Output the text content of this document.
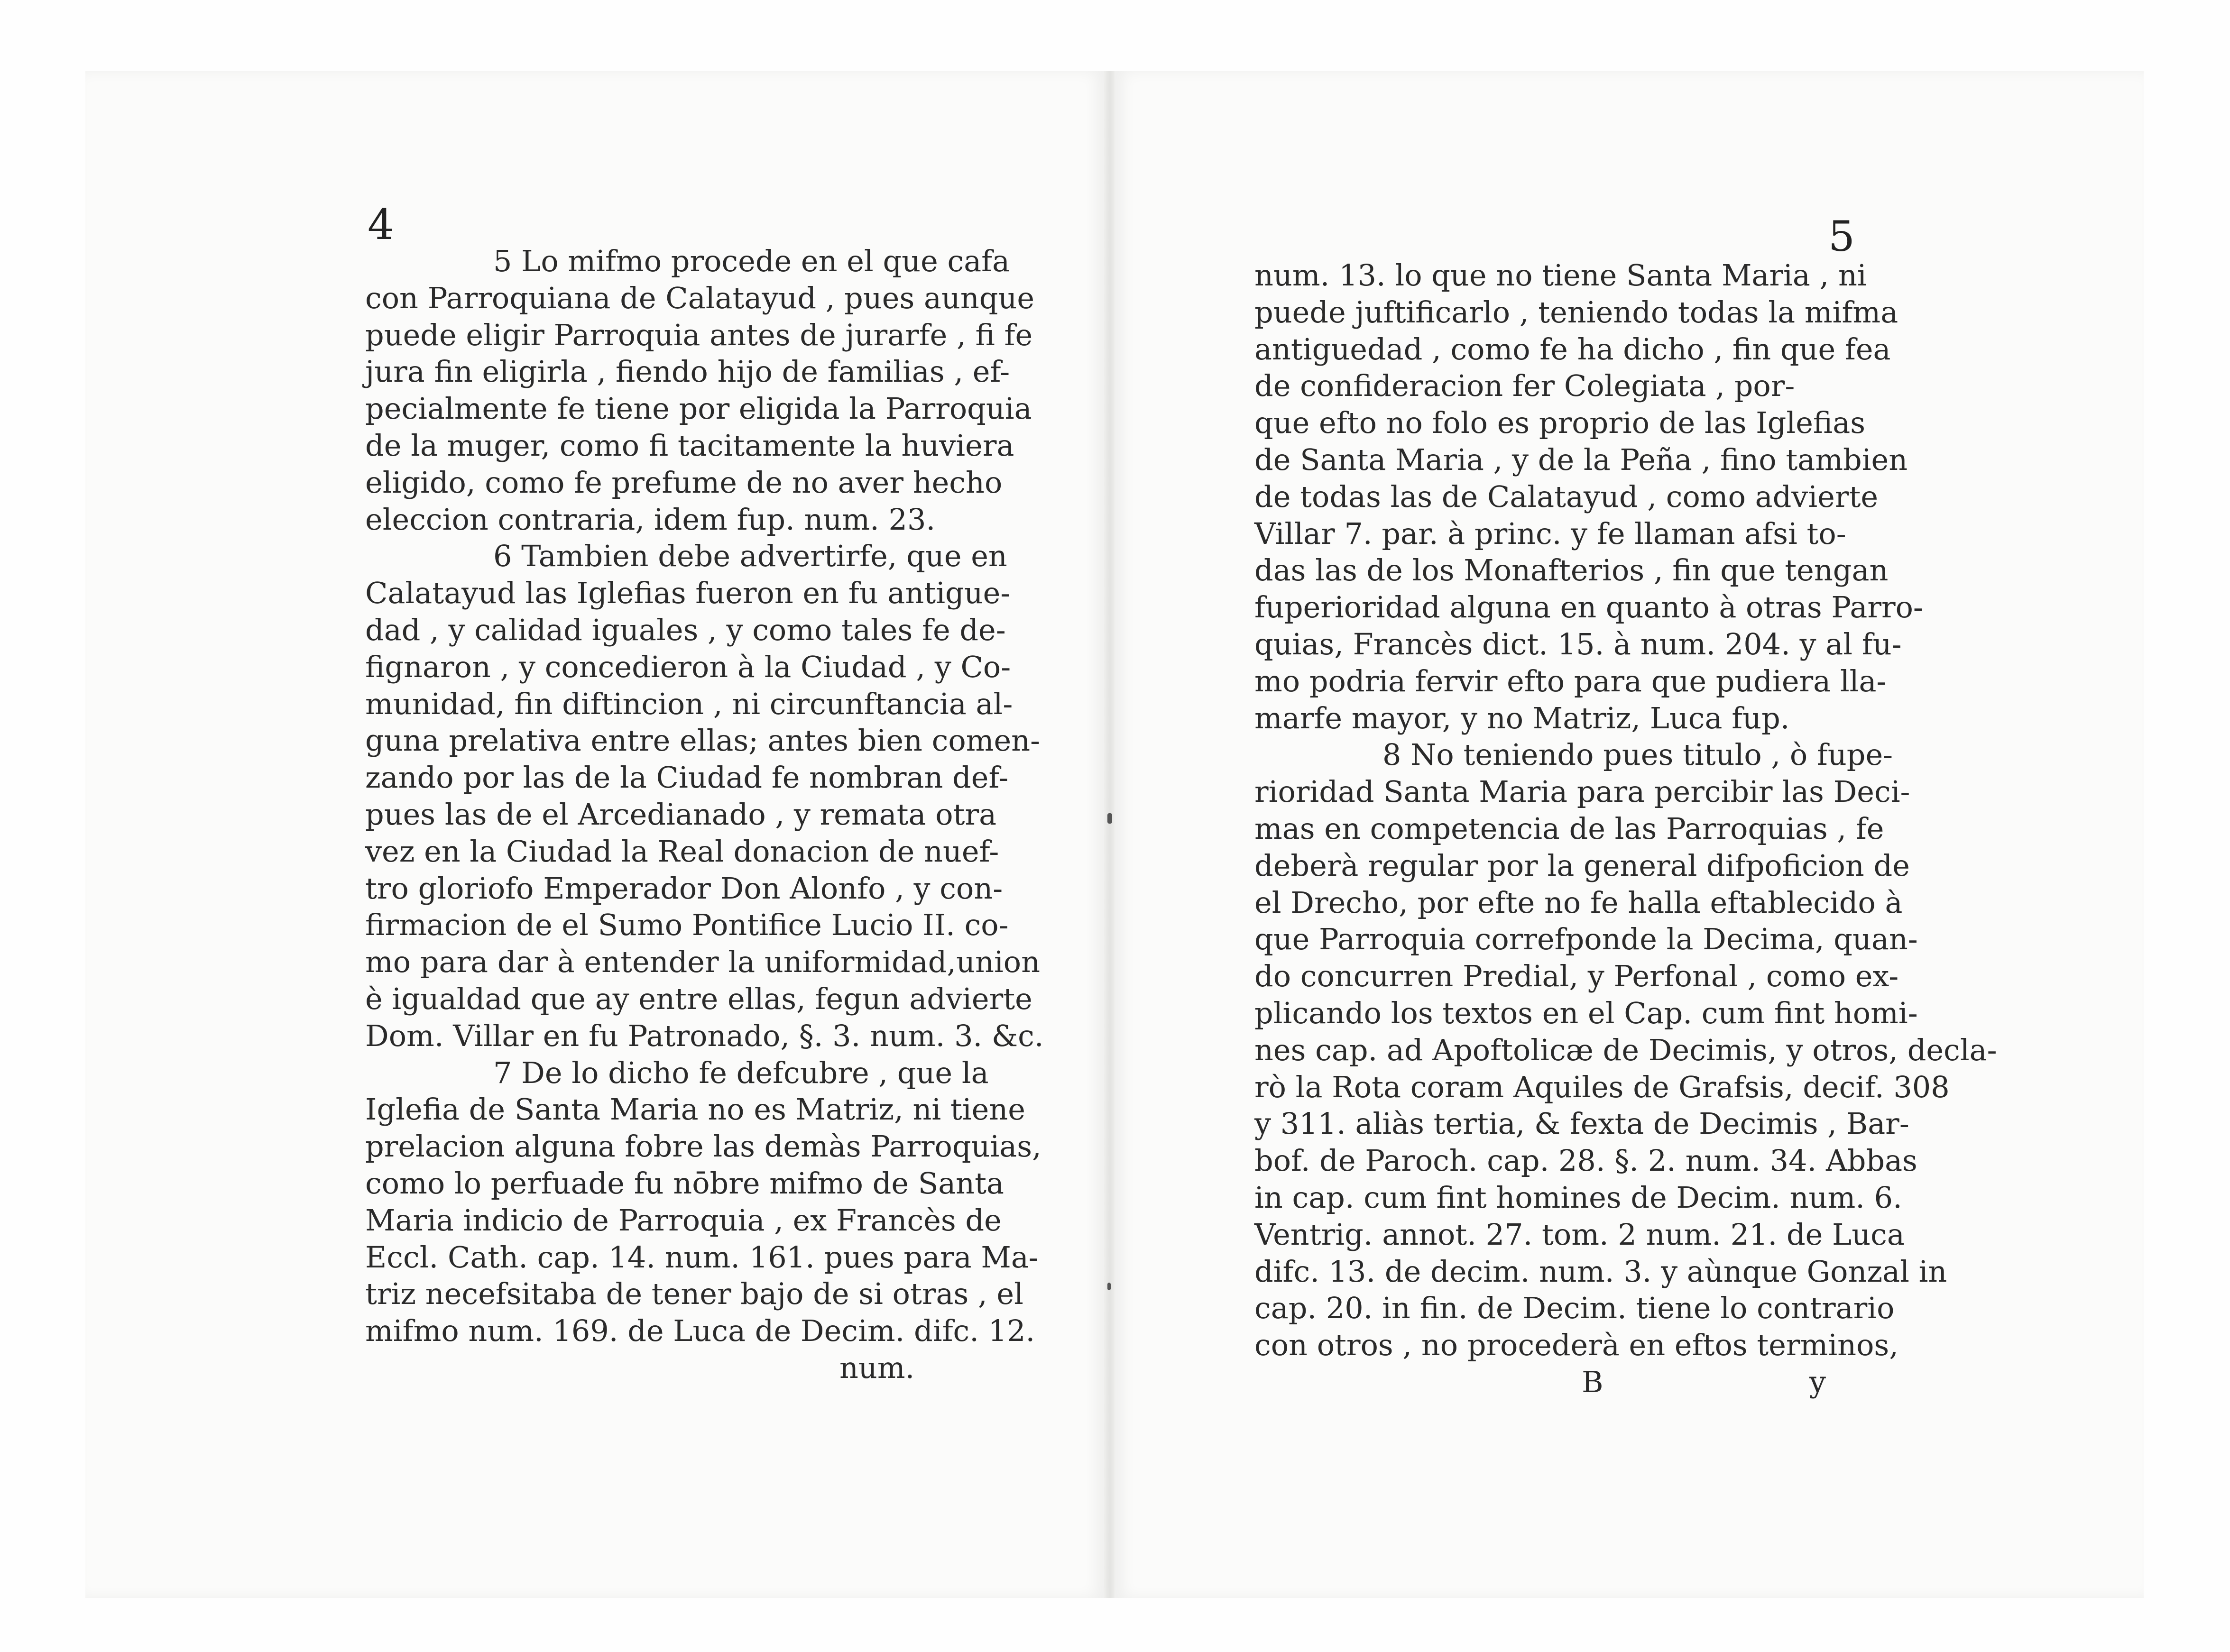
4	5
5 Lo mifmo procede en el que cafa
con Parroquiana de Calatayud , pues aunque
puede eligir Parroquia antes de jurarfe , fi fe
jura fin eligirla , fiendo hijo de familias , ef-
pecialmente fe tiene por eligida la Parroquia
de la muger, como fi tacitamente la huviera
eligido, como fe prefume de no aver hecho
eleccion contraria, idem fup. num. 23.
6 Tambien debe advertirfe, que en
Calatayud las Iglefias fueron en fu antigue-
dad , y calidad iguales , y como tales fe de-
fignaron , y concedieron à la Ciudad , y Co-
munidad, fin diftincion , ni circunftancia al-
guna prelativa entre ellas; antes bien comen-
zando por las de la Ciudad fe nombran def-
pues las de el Arcedianado , y remata otra
vez en la Ciudad la Real donacion de nuef-
tro gloriofo Emperador Don Alonfo , y con-
firmacion de el Sumo Pontifice Lucio II. co-
mo para dar à entender la uniformidad,union
è igualdad que ay entre ellas, fegun advierte
Dom. Villar en fu Patronado, §. 3. num. 3. &c.
7 De lo dicho fe defcubre , que la
Iglefia de Santa Maria no es Matriz, ni tiene
prelacion alguna fobre las demàs Parroquias,
como lo perfuade fu nōbre mifmo de Santa
Maria indicio de Parroquia , ex Francès de
Eccl. Cath. cap. 14. num. 161. pues para Ma-
triz necefsitaba de tener bajo de si otras , el
mifmo num. 169. de Luca de Decim. difc. 12.
num.
num. 13. lo que no tiene Santa Maria , ni
puede juftificarlo , teniendo todas la mifma
antiguedad , como fe ha dicho , fin que fea
de confideracion fer Colegiata , por-
que efto no folo es proprio de las Iglefias
de Santa Maria , y de la Peña , fino tambien
de todas las de Calatayud , como advierte
Villar 7. par. à princ. y fe llaman afsi to-
das las de los Monafterios , fin que tengan
fuperioridad alguna en quanto à otras Parro-
quias, Francès dict. 15. à num. 204. y al fu-
mo podria fervir efto para que pudiera lla-
marfe mayor, y no Matriz, Luca fup.
8 No teniendo pues titulo , ò fupe-
rioridad Santa Maria para percibir las Deci-
mas en competencia de las Parroquias , fe
deberà regular por la general difpoficion de
el Drecho, por efte no fe halla eftablecido à
que Parroquia correfponde la Decima, quan-
do concurren Predial, y Perfonal , como ex-
plicando los textos en el Cap. cum fint homi-
nes cap. ad Apoftolicæ de Decimis, y otros, declа-
rò la Rota coram Aquiles de Grafsis, decif. 308
y 311. aliàs tertia, & fexta de Decimis , Bar-
bof. de Paroch. cap. 28. §. 2. num. 34. Abbas
in cap. cum fint homines de Decim. num. 6.
Ventrig. annot. 27. tom. 2 num. 21. de Luca
difc. 13. de decim. num. 3. y aùnque Gonzal in
cap. 20. in fin. de Decim. tiene lo contrario
con otros , no procederà en eftos terminos,
B	y
